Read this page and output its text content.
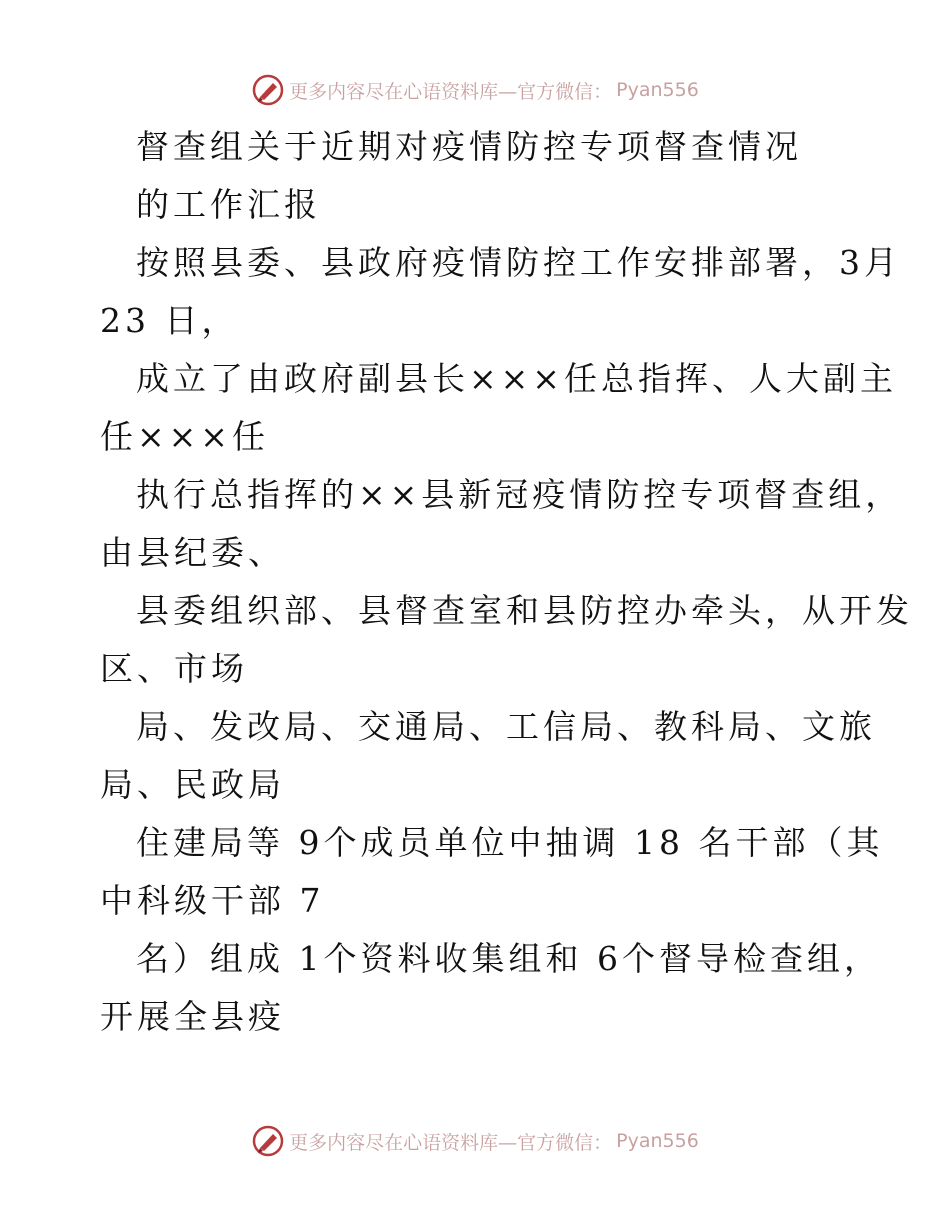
更多内容尽在心语资料库—官方微信： Pyan556
督查组关于近期对疫情防控专项督查情况
的工作汇报
按照县委、县政府疫情防控工作安排部署，3月
23 日，
成立了由政府副县长×××任总指挥、人大副主
任×××任
执行总指挥的××县新冠疫情防控专项督查组，
由县纪委、
县委组织部、县督查室和县防控办牵头，从开发
区、市场
局、发改局、交通局、工信局、教科局、文旅
局、民政局
住建局等 9个成员单位中抽调 18 名干部（其
中科级干部 7
名）组成 1个资料收集组和 6个督导检查组，
开展全县疫
更多内容尽在心语资料库—官方微信： Pyan556
